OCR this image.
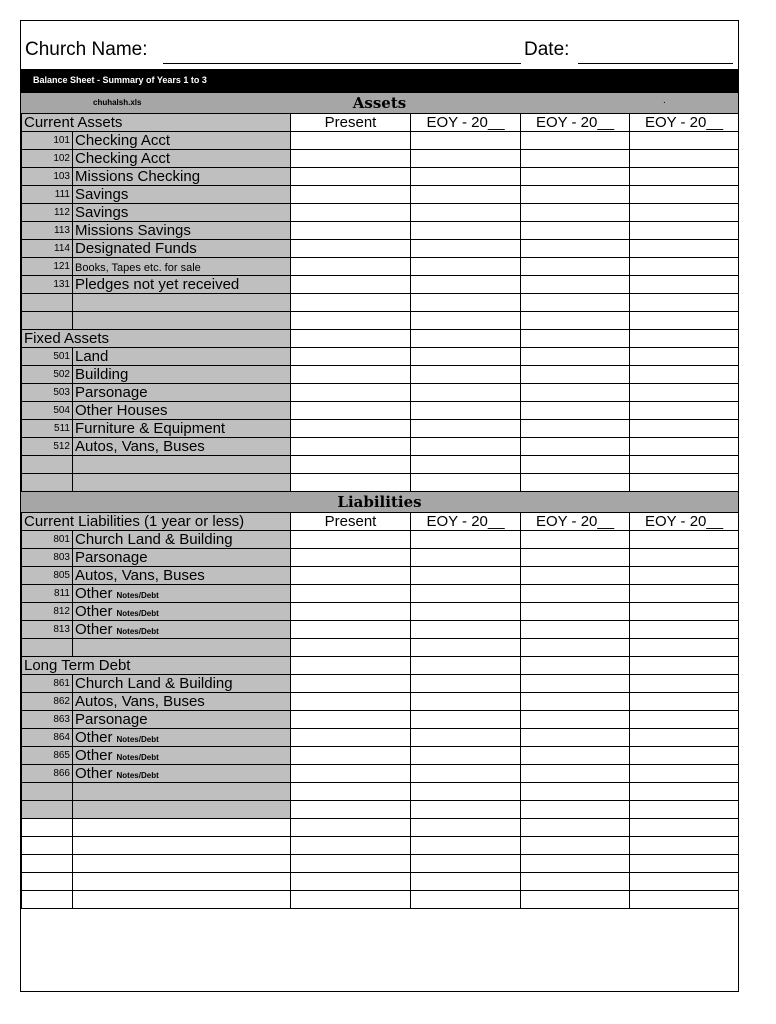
Church Name:	Date:
Balance Sheet - Summary of Years 1 to 3
chuhalsh.xls	Assets	.
Current Assets		Present	EOY - 20__	EOY - 20__	EOY - 20__
101	Checking Acct				
102	Checking Acct				
103	Missions Checking				
111	Savings				
112	Savings				
113	Missions Savings				
114	Designated Funds				
121	Books, Tapes etc. for sale				
131	Pledges not yet received				

Fixed Assets					
501	Land				
502	Building				
503	Parsonage				
504	Other Houses				
511	Furniture & Equipment				
512	Autos, Vans, Buses				

Liabilities
Current Liabilities (1 year or less)		Present	EOY - 20__	EOY - 20__	EOY - 20__
801	Church Land & Building				
803	Parsonage				
805	Autos, Vans, Buses				
811	Other Notes/Debt				
812	Other Notes/Debt				
813	Other Notes/Debt				

Long Term Debt					
861	Church Land & Building				
862	Autos, Vans, Buses				
863	Parsonage				
864	Other Notes/Debt				
865	Other Notes/Debt				
866	Other Notes/Debt				
